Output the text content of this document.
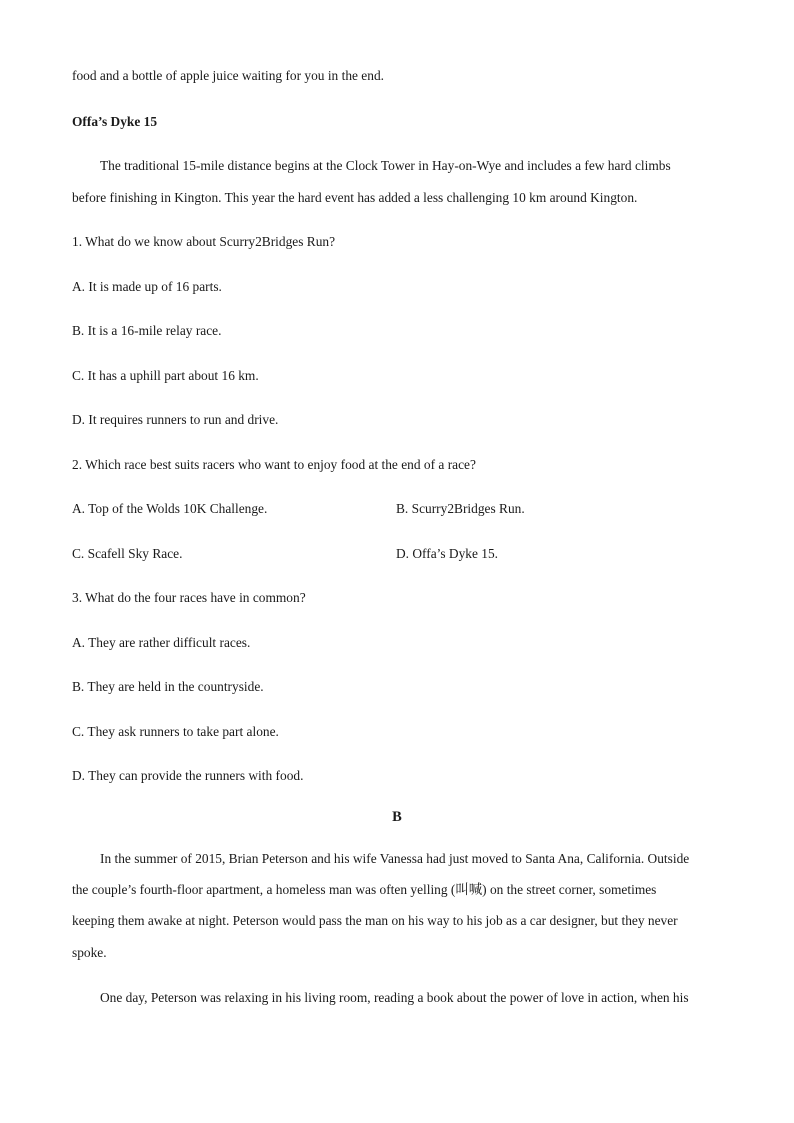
food and a bottle of apple juice waiting for you in the end.
Offa’s Dyke 15
The traditional 15-mile distance begins at the Clock Tower in Hay-on-Wye and includes a few hard climbs
before finishing in Kington. This year the hard event has added a less challenging 10 km around Kington.
1. What do we know about Scurry2Bridges Run?
A. It is made up of 16 parts.
B. It is a 16-mile relay race.
C. It has a uphill part about 16 km.
D. It requires runners to run and drive.
2. Which race best suits racers who want to enjoy food at the end of a race?
A. Top of the Wolds 10K Challenge.	B. Scurry2Bridges Run.
C. Scafell Sky Race.	D. Offa’s Dyke 15.
3. What do the four races have in common?
A. They are rather difficult races.
B. They are held in the countryside.
C. They ask runners to take part alone.
D. They can provide the runners with food.
B
In the summer of 2015, Brian Peterson and his wife Vanessa had just moved to Santa Ana, California. Outside
the couple’s fourth-floor apartment, a homeless man was often yelling (叫喊) on the street corner, sometimes
keeping them awake at night. Peterson would pass the man on his way to his job as a car designer, but they never
spoke.
One day, Peterson was relaxing in his living room, reading a book about the power of love in action, when his
